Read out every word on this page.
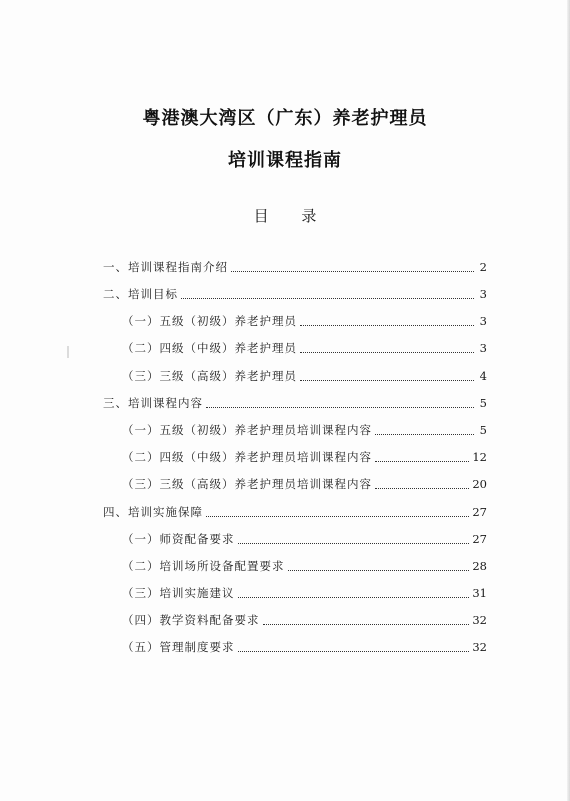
粤港澳大湾区（广东）养老护理员
培训课程指南
目 录
一、培训课程指南介绍	2
二、培训目标	3
（一）五级（初级）养老护理员	3
（二）四级（中级）养老护理员	3
（三）三级（高级）养老护理员	4
三、培训课程内容	5
（一）五级（初级）养老护理员培训课程内容	5
（二）四级（中级）养老护理员培训课程内容	12
（三）三级（高级）养老护理员培训课程内容	20
四、培训实施保障	27
（一）师资配备要求	27
（二）培训场所设备配置要求	28
（三）培训实施建议	31
（四）教学资料配备要求	32
（五）管理制度要求	32
